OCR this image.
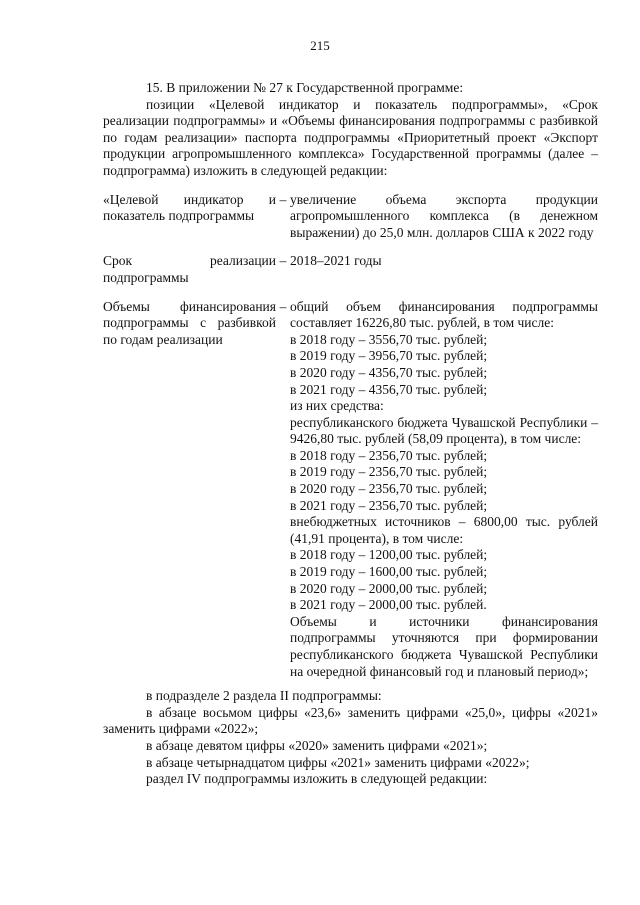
215

15. В приложении № 27 к Государственной программе:

позиции «Целевой индикатор и показатель подпрограммы», «Срок реализации подпрограммы» и «Объемы финансирования подпрограммы с разбивкой по годам реализации» паспорта подпрограммы «Приоритетный проект «Экспорт продукции агропромышленного комплекса» Государственной программы (далее – подпрограмма) изложить в следующей редакции:

«Целевой индикатор и показатель подпрограммы
– увеличение объема экспорта продукции агропромышленного комплекса (в денежном выражении) до 25,0 млн. долларов США к 2022 году
Срок реализации подпрограммы
– 2018–2021 годы
Объемы финансирования подпрограммы с разбивкой по годам реализации
– общий объем финансирования подпрограммы составляет 16226,80 тыс. рублей, в том числе:
в 2018 году – 3556,70 тыс. рублей;
в 2019 году – 3956,70 тыс. рублей;
в 2020 году – 4356,70 тыс. рублей;
в 2021 году – 4356,70 тыс. рублей;
из них средства:
республиканского бюджета Чувашской Республики – 9426,80 тыс. рублей (58,09 процента), в том числе:
в 2018 году – 2356,70 тыс. рублей;
в 2019 году – 2356,70 тыс. рублей;
в 2020 году – 2356,70 тыс. рублей;
в 2021 году – 2356,70 тыс. рублей;
внебюджетных источников – 6800,00 тыс. рублей (41,91 процента), в том числе:
в 2018 году – 1200,00 тыс. рублей;
в 2019 году – 1600,00 тыс. рублей;
в 2020 году – 2000,00 тыс. рублей;
в 2021 году – 2000,00 тыс. рублей.
Объемы и источники финансирования подпрограммы уточняются при формировании республиканского бюджета Чувашской Республики на очередной финансовый год и плановый период»;

в подразделе 2 раздела II подпрограммы:

в абзаце восьмом цифры «23,6» заменить цифрами «25,0», цифры «2021» заменить цифрами «2022»;

в абзаце девятом цифры «2020» заменить цифрами «2021»;

в абзаце четырнадцатом цифры «2021» заменить цифрами «2022»;

раздел IV подпрограммы изложить в следующей редакции:
